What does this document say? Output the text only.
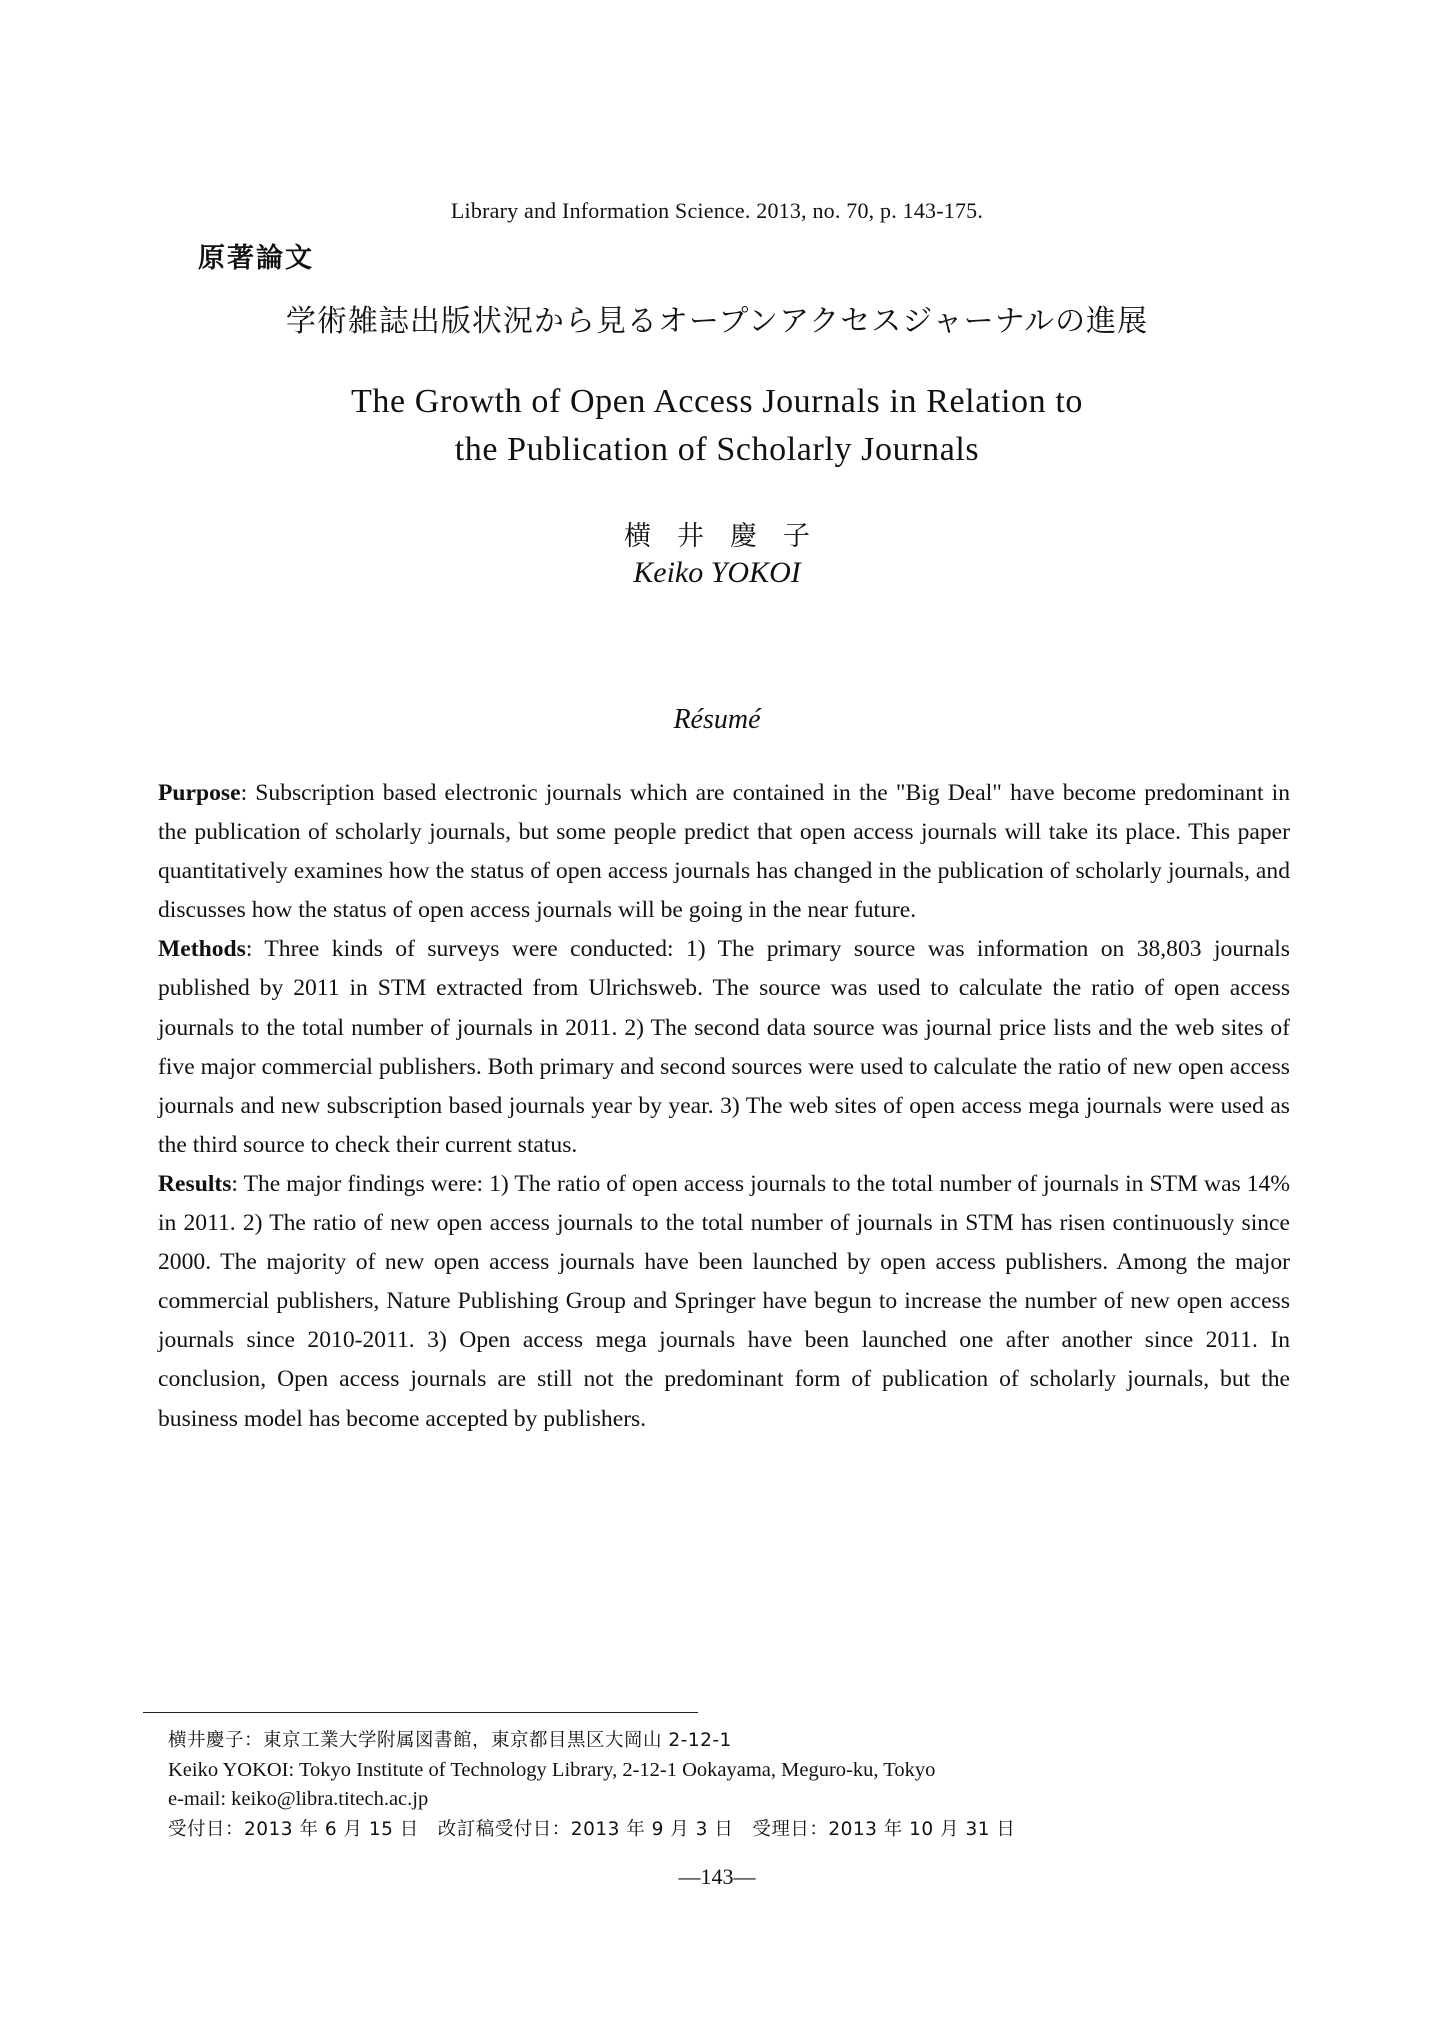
Library and Information Science. 2013, no. 70, p. 143-175.
原著論文
学術雑誌出版状況から見るオープンアクセスジャーナルの進展
The Growth of Open Access Journals in Relation to
the Publication of Scholarly Journals
横井慶子
Keiko YOKOI
Résumé

Purpose: Subscription based electronic journals which are contained in the "Big Deal" have become predominant in the publication of scholarly journals, but some people predict that open access journals will take its place. This paper quantitatively examines how the status of open access journals has changed in the publication of scholarly journals, and discusses how the status of open access journals will be going in the near future.

Methods: Three kinds of surveys were conducted: 1) The primary source was information on 38,803 journals published by 2011 in STM extracted from Ulrichsweb. The source was used to calculate the ratio of open access journals to the total number of journals in 2011. 2) The second data source was journal price lists and the web sites of five major commercial publishers. Both primary and second sources were used to calculate the ratio of new open access journals and new subscription based journals year by year. 3) The web sites of open access mega journals were used as the third source to check their current status.

Results: The major findings were: 1) The ratio of open access journals to the total number of journals in STM was 14% in 2011. 2) The ratio of new open access journals to the total number of journals in STM has risen continuously since 2000. The majority of new open access journals have been launched by open access publishers. Among the major commercial publishers, Nature Publishing Group and Springer have begun to increase the number of new open access journals since 2010-2011. 3) Open access mega journals have been launched one after another since 2011. In conclusion, Open access journals are still not the predominant form of publication of scholarly journals, but the business model has become accepted by publishers.

横井慶子：東京工業大学附属図書館，東京都目黒区大岡山 2-12-1
Keiko YOKOI: Tokyo Institute of Technology Library, 2-12-1 Ookayama, Meguro-ku, Tokyo
e-mail: keiko@libra.titech.ac.jp
受付日：2013 年 6 月 15 日　改訂稿受付日：2013 年 9 月 3 日　受理日：2013 年 10 月 31 日
―143―
